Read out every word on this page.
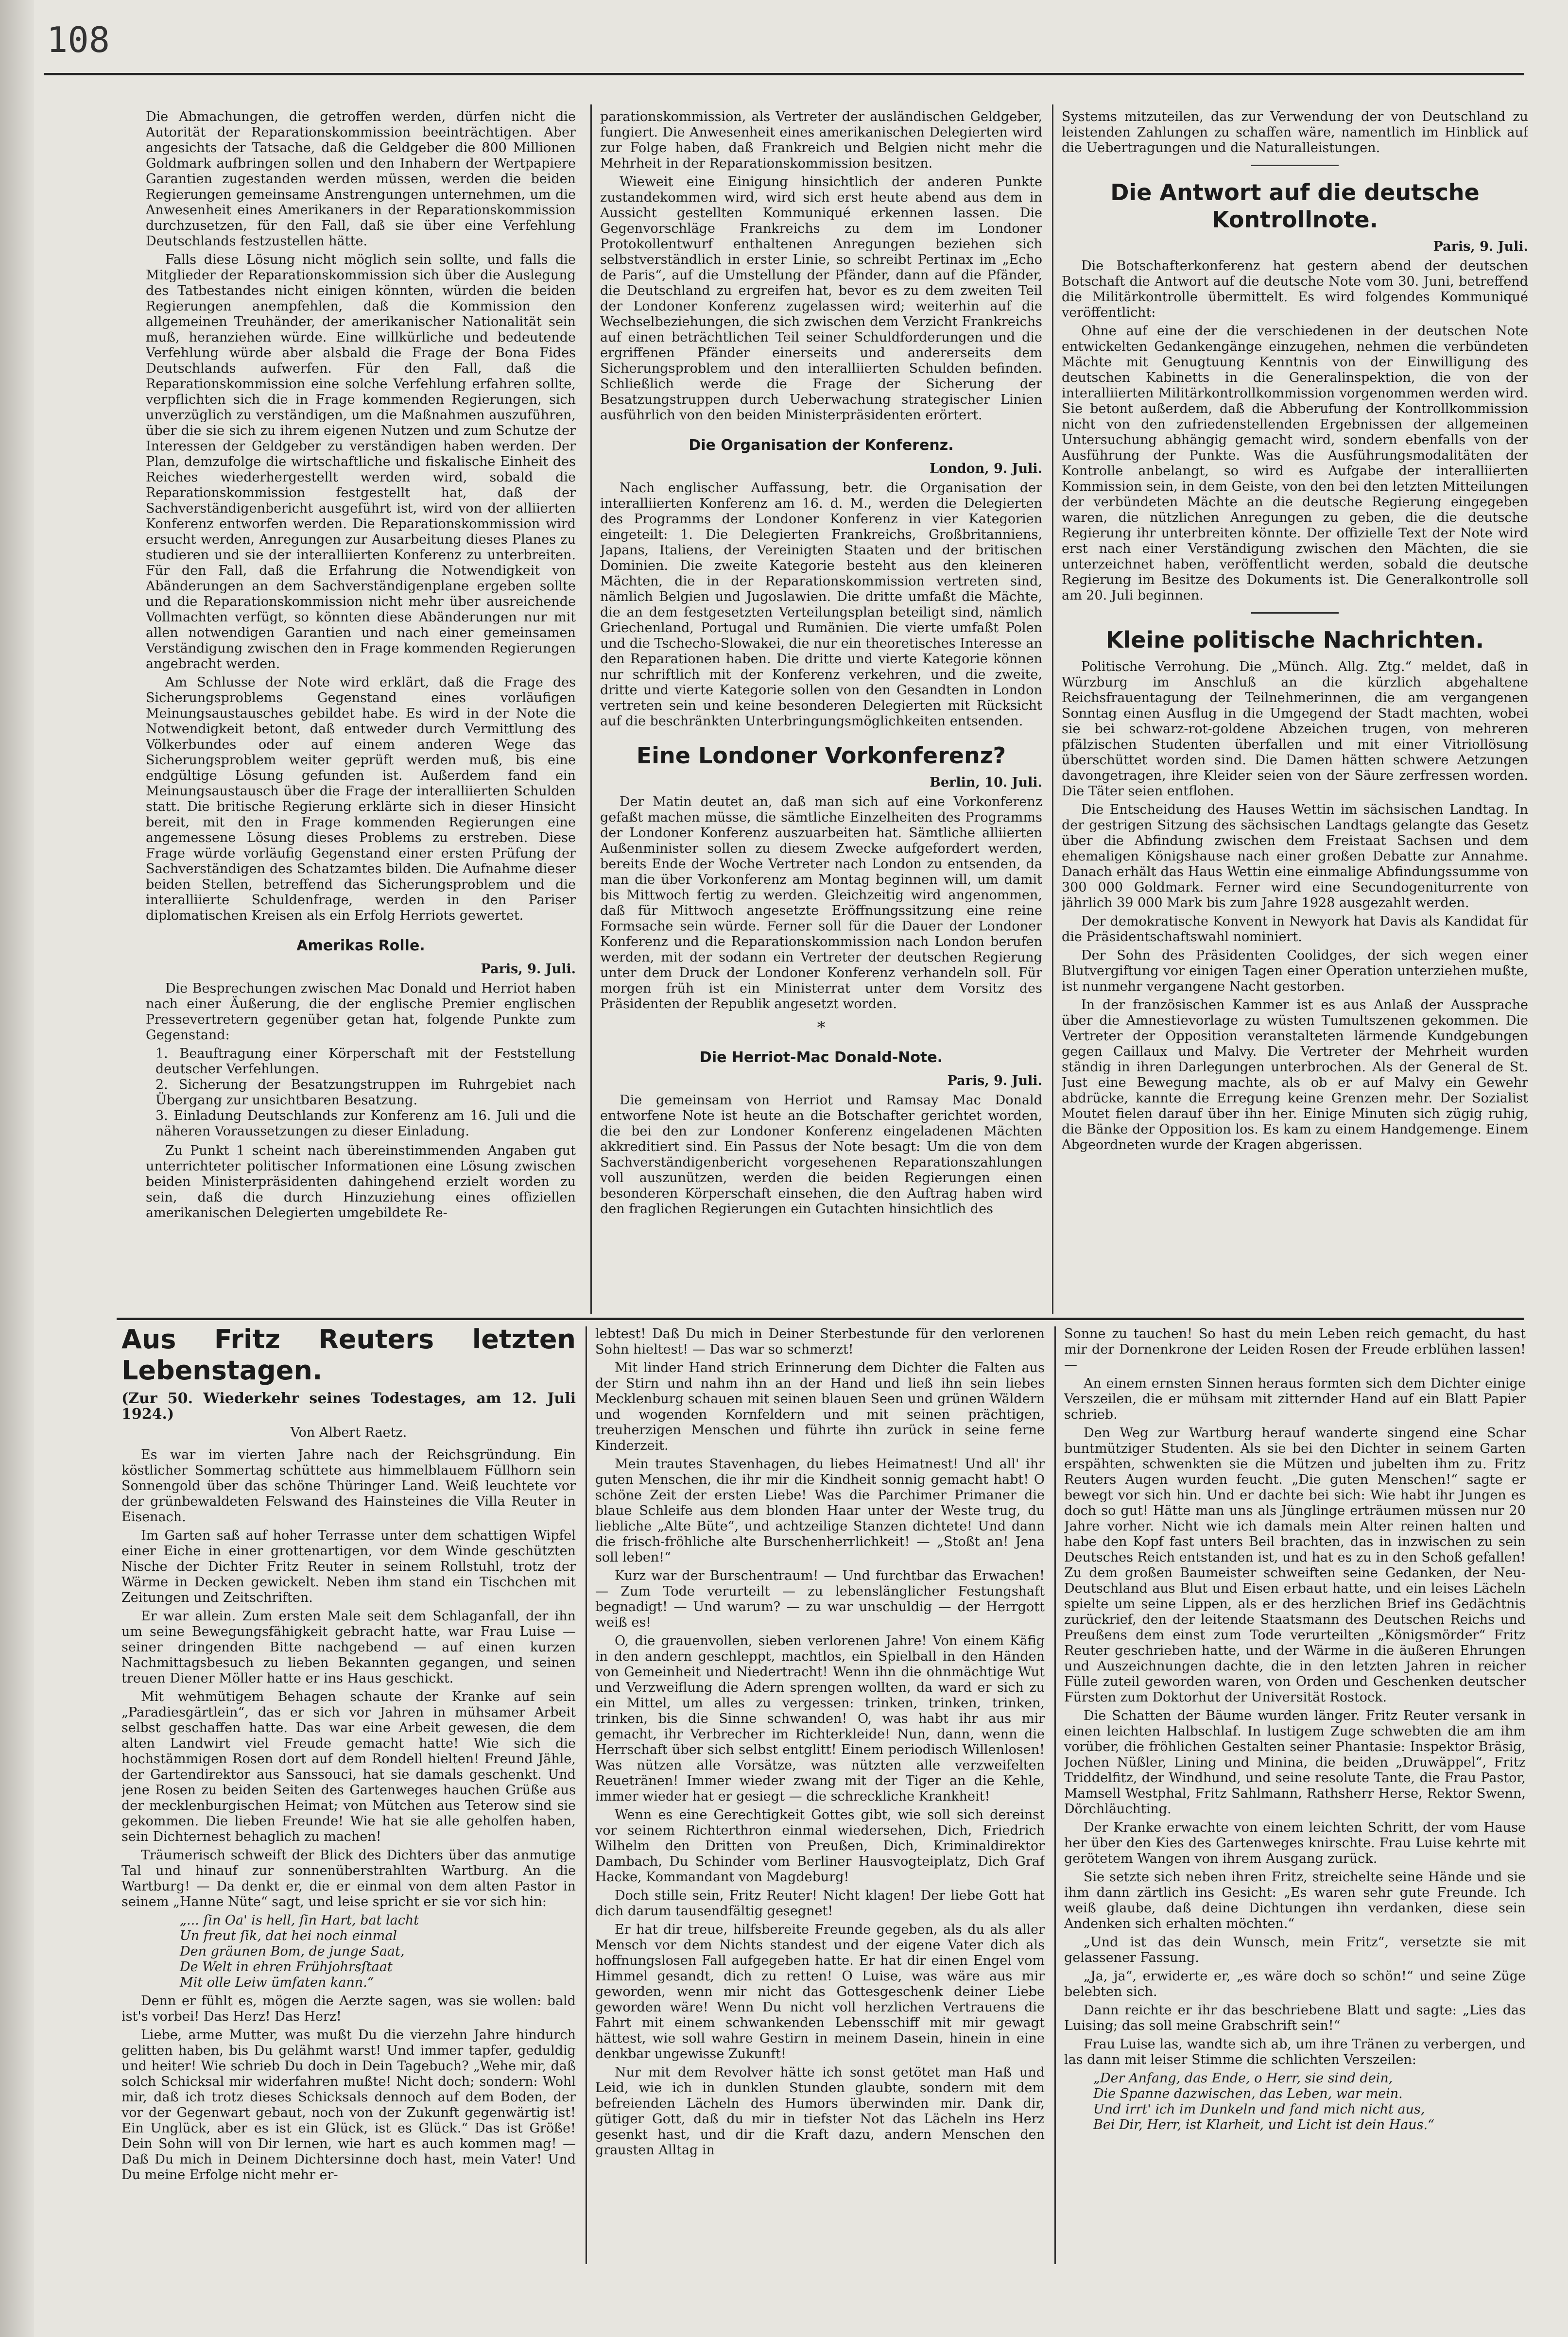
108

Die Abmachungen, die getroffen werden, dürfen nicht die Autorität der Reparationskommission beeinträchtigen. Aber angesichts der Tatsache, daß die Geldgeber die 800 Millionen Goldmark aufbringen sollen und den Inhabern der Wertpapiere Garantien zugestanden werden müssen, werden die beiden Regierungen gemeinsame Anstrengungen unternehmen, um die Anwesenheit eines Amerikaners in der Reparationskommission durchzusetzen, für den Fall, daß sie über eine Verfehlung Deutschlands festzustellen hätte.

Falls diese Lösung nicht möglich sein sollte, und falls die Mitglieder der Reparationskommission sich über die Auslegung des Tatbestandes nicht einigen könnten, würden die beiden Regierungen anempfehlen, daß die Kommission den allgemeinen Treuhänder, der amerikanischer Nationalität sein muß, heranziehen würde. Eine willkürliche und bedeutende Verfehlung würde aber alsbald die Frage der Bona Fides Deutschlands aufwerfen. Für den Fall, daß die Reparationskommission eine solche Verfehlung erfahren sollte, verpflichten sich die in Frage kommenden Regierungen, sich unverzüglich zu verständigen, um die Maßnahmen auszuführen, über die sie sich zu ihrem eigenen Nutzen und zum Schutze der Interessen der Geldgeber zu verständigen haben werden. Der Plan, demzufolge die wirtschaftliche und fiskalische Einheit des Reiches wiederhergestellt werden wird, sobald die Reparationskommission festgestellt hat, daß der Sachverständigenbericht ausgeführt ist, wird von der alliierten Konferenz entworfen werden. Die Reparationskommission wird ersucht werden, Anregungen zur Ausarbeitung dieses Planes zu studieren und sie der interalliierten Konferenz zu unterbreiten. Für den Fall, daß die Erfahrung die Notwendigkeit von Abänderungen an dem Sachverständigenplane ergeben sollte und die Reparationskommission nicht mehr über ausreichende Vollmachten verfügt, so könnten diese Abänderungen nur mit allen notwendigen Garantien und nach einer gemeinsamen Verständigung zwischen den in Frage kommenden Regierungen angebracht werden.

Am Schlusse der Note wird erklärt, daß die Frage des Sicherungsproblems Gegenstand eines vorläufigen Meinungsaustausches gebildet habe. Es wird in der Note die Notwendigkeit betont, daß entweder durch Vermittlung des Völkerbundes oder auf einem anderen Wege das Sicherungsproblem weiter geprüft werden muß, bis eine endgültige Lösung gefunden ist. Außerdem fand ein Meinungsaustausch über die Frage der interalliierten Schulden statt. Die britische Regierung erklärte sich in dieser Hinsicht bereit, mit den in Frage kommenden Regierungen eine angemessene Lösung dieses Problems zu erstreben. Diese Frage würde vorläufig Gegenstand einer ersten Prüfung der Sachverständigen des Schatzamtes bilden. Die Aufnahme dieser beiden Stellen, betreffend das Sicherungsproblem und die interalliierte Schuldenfrage, werden in den Pariser diplomatischen Kreisen als ein Erfolg Herriots gewertet.

Amerikas Rolle.
Paris, 9. Juli.

Die Besprechungen zwischen Mac Donald und Herriot haben nach einer Äußerung, die der englische Premier englischen Pressevertretern gegenüber getan hat, folgende Punkte zum Gegenstand:

1. Beauftragung einer Körperschaft mit der Feststellung deutscher Verfehlungen.
2. Sicherung der Besatzungstruppen im Ruhrgebiet nach Übergang zur unsichtbaren Besatzung.
3. Einladung Deutschlands zur Konferenz am 16. Juli und die näheren Voraussetzungen zu dieser Einladung.

Zu Punkt 1 scheint nach übereinstimmenden Angaben gut unterrichteter politischer Informationen eine Lösung zwischen beiden Ministerpräsidenten dahingehend erzielt worden zu sein, daß die durch Hinzuziehung eines offiziellen amerikanischen Delegierten umgebildete Re-

parationskommission, als Vertreter der ausländischen Geldgeber, fungiert. Die Anwesenheit eines amerikanischen Delegierten wird zur Folge haben, daß Frankreich und Belgien nicht mehr die Mehrheit in der Reparationskommission besitzen.

Wieweit eine Einigung hinsichtlich der anderen Punkte zustandekommen wird, wird sich erst heute abend aus dem in Aussicht gestellten Kommuniqué erkennen lassen. Die Gegenvorschläge Frankreichs zu dem im Londoner Protokollentwurf enthaltenen Anregungen beziehen sich selbstverständlich in erster Linie, so schreibt Pertinax im „Echo de Paris“, auf die Umstellung der Pfänder, dann auf die Pfänder, die Deutschland zu ergreifen hat, bevor es zu dem zweiten Teil der Londoner Konferenz zugelassen wird; weiterhin auf die Wechselbeziehungen, die sich zwischen dem Verzicht Frankreichs auf einen beträchtlichen Teil seiner Schuldforderungen und die ergriffenen Pfänder einerseits und andererseits dem Sicherungsproblem und den interalliierten Schulden befinden. Schließlich werde die Frage der Sicherung der Besatzungstruppen durch Ueberwachung strategischer Linien ausführlich von den beiden Ministerpräsidenten erörtert.

Die Organisation der Konferenz.
London, 9. Juli.

Nach englischer Auffassung, betr. die Organisation der interalliierten Konferenz am 16. d. M., werden die Delegierten des Programms der Londoner Konferenz in vier Kategorien eingeteilt: 1. Die Delegierten Frankreichs, Großbritanniens, Japans, Italiens, der Vereinigten Staaten und der britischen Dominien. Die zweite Kategorie besteht aus den kleineren Mächten, die in der Reparationskommission vertreten sind, nämlich Belgien und Jugoslawien. Die dritte umfaßt die Mächte, die an dem festgesetzten Verteilungsplan beteiligt sind, nämlich Griechenland, Portugal und Rumänien. Die vierte umfaßt Polen und die Tschecho-Slowakei, die nur ein theoretisches Interesse an den Reparationen haben. Die dritte und vierte Kategorie können nur schriftlich mit der Konferenz verkehren, und die zweite, dritte und vierte Kategorie sollen von den Gesandten in London vertreten sein und keine besonderen Delegierten mit Rücksicht auf die beschränkten Unterbringungsmöglichkeiten entsenden.

Eine Londoner Vorkonferenz?
Berlin, 10. Juli.

Der Matin deutet an, daß man sich auf eine Vorkonferenz gefaßt machen müsse, die sämtliche Einzelheiten des Programms der Londoner Konferenz auszuarbeiten hat. Sämtliche alliierten Außenminister sollen zu diesem Zwecke aufgefordert werden, bereits Ende der Woche Vertreter nach London zu entsenden, da man die über Vorkonferenz am Montag beginnen will, um damit bis Mittwoch fertig zu werden. Gleichzeitig wird angenommen, daß für Mittwoch angesetzte Eröffnungssitzung eine reine Formsache sein würde. Ferner soll für die Dauer der Londoner Konferenz und die Reparationskommission nach London berufen werden, mit der sodann ein Vertreter der deutschen Regierung unter dem Druck der Londoner Konferenz verhandeln soll. Für morgen früh ist ein Ministerrat unter dem Vorsitz des Präsidenten der Republik angesetzt worden.

*
Die Herriot-Mac Donald-Note.
Paris, 9. Juli.

Die gemeinsam von Herriot und Ramsay Mac Donald entworfene Note ist heute an die Botschafter gerichtet worden, die bei den zur Londoner Konferenz eingeladenen Mächten akkreditiert sind. Ein Passus der Note besagt: Um die von dem Sachverständigenbericht vorgesehenen Reparationszahlungen voll auszunützen, werden die beiden Regierungen einen besonderen Körperschaft einsehen, die den Auftrag haben wird den fraglichen Regierungen ein Gutachten hinsichtlich des

Systems mitzuteilen, das zur Verwendung der von Deutschland zu leistenden Zahlungen zu schaffen wäre, namentlich im Hinblick auf die Uebertragungen und die Naturalleistungen.

Die Antwort auf die deutsche Kontrollnote.
Paris, 9. Juli.

Die Botschafterkonferenz hat gestern abend der deutschen Botschaft die Antwort auf die deutsche Note vom 30. Juni, betreffend die Militärkontrolle übermittelt. Es wird folgendes Kommuniqué veröffentlicht:

Ohne auf eine der die verschiedenen in der deutschen Note entwickelten Gedankengänge einzugehen, nehmen die verbündeten Mächte mit Genugtuung Kenntnis von der Einwilligung des deutschen Kabinetts in die Generalinspektion, die von der interalliierten Militärkontrollkommission vorgenommen werden wird. Sie betont außerdem, daß die Abberufung der Kontrollkommission nicht von den zufriedenstellenden Ergebnissen der allgemeinen Untersuchung abhängig gemacht wird, sondern ebenfalls von der Ausführung der Punkte. Was die Ausführungsmodalitäten der Kontrolle anbelangt, so wird es Aufgabe der interalliierten Kommission sein, in dem Geiste, von den bei den letzten Mitteilungen der verbündeten Mächte an die deutsche Regierung eingegeben waren, die nützlichen Anregungen zu geben, die die deutsche Regierung ihr unterbreiten könnte. Der offizielle Text der Note wird erst nach einer Verständigung zwischen den Mächten, die sie unterzeichnet haben, veröffentlicht werden, sobald die deutsche Regierung im Besitze des Dokuments ist. Die Generalkontrolle soll am 20. Juli beginnen.

Kleine politische Nachrichten.

Politische Verrohung. Die „Münch. Allg. Ztg.“ meldet, daß in Würzburg im Anschluß an die kürzlich abgehaltene Reichsfrauentagung der Teilnehmerinnen, die am vergangenen Sonntag einen Ausflug in die Umgegend der Stadt machten, wobei sie bei schwarz-rot-goldene Abzeichen trugen, von mehreren pfälzischen Studenten überfallen und mit einer Vitriollösung überschüttet worden sind. Die Damen hätten schwere Aetzungen davongetragen, ihre Kleider seien von der Säure zerfressen worden. Die Täter seien entflohen.

Die Entscheidung des Hauses Wettin im sächsischen Landtag. In der gestrigen Sitzung des sächsischen Landtags gelangte das Gesetz über die Abfindung zwischen dem Freistaat Sachsen und dem ehemaligen Königshause nach einer großen Debatte zur Annahme. Danach erhält das Haus Wettin eine einmalige Abfindungssumme von 300 000 Goldmark. Ferner wird eine Secundogeniturrente von jährlich 39 000 Mark bis zum Jahre 1928 ausgezahlt werden.

Der demokratische Konvent in Newyork hat Davis als Kandidat für die Präsidentschaftswahl nominiert.

Der Sohn des Präsidenten Coolidges, der sich wegen einer Blutvergiftung vor einigen Tagen einer Operation unterziehen mußte, ist nunmehr vergangene Nacht gestorben.

In der französischen Kammer ist es aus Anlaß der Aussprache über die Amnestievorlage zu wüsten Tumultszenen gekommen. Die Vertreter der Opposition veranstalteten lärmende Kundgebungen gegen Caillaux und Malvy. Die Vertreter der Mehrheit wurden ständig in ihren Darlegungen unterbrochen. Als der General de St. Just eine Bewegung machte, als ob er auf Malvy ein Gewehr abdrücke, kannte die Erregung keine Grenzen mehr. Der Sozialist Moutet fielen darauf über ihn her. Einige Minuten sich zügig ruhig, die Bänke der Opposition los. Es kam zu einem Handgemenge. Einem Abgeordneten wurde der Kragen abgerissen.

Aus Fritz Reuters letzten Lebenstagen.
(Zur 50. Wiederkehr seines Todestages, am 12. Juli 1924.)
Von Albert Raetz.

Es war im vierten Jahre nach der Reichsgründung. Ein köstlicher Sommertag schüttete aus himmelblauem Füllhorn sein Sonnengold über das schöne Thüringer Land. Weiß leuchtete vor der grünbewaldeten Felswand des Hainsteines die Villa Reuter in Eisenach.

Im Garten saß auf hoher Terrasse unter dem schattigen Wipfel einer Eiche in einer grottenartigen, vor dem Winde geschützten Nische der Dichter Fritz Reuter in seinem Rollstuhl, trotz der Wärme in Decken gewickelt. Neben ihm stand ein Tischchen mit Zeitungen und Zeitschriften.

Er war allein. Zum ersten Male seit dem Schlaganfall, der ihn um seine Bewegungsfähigkeit gebracht hatte, war Frau Luise — seiner dringenden Bitte nachgebend — auf einen kurzen Nachmittagsbesuch zu lieben Bekannten gegangen, und seinen treuen Diener Möller hatte er ins Haus geschickt.

Mit wehmütigem Behagen schaute der Kranke auf sein „Paradiesgärtlein“, das er sich vor Jahren in mühsamer Arbeit selbst geschaffen hatte. Das war eine Arbeit gewesen, die dem alten Landwirt viel Freude gemacht hatte! Wie sich die hochstämmigen Rosen dort auf dem Rondell hielten! Freund Jähle, der Gartendirektor aus Sanssouci, hat sie damals geschenkt. Und jene Rosen zu beiden Seiten des Gartenweges hauchen Grüße aus der mecklenburgischen Heimat; von Mütchen aus Teterow sind sie gekommen. Die lieben Freunde! Wie hat sie alle geholfen haben, sein Dichternest behaglich zu machen!

Träumerisch schweift der Blick des Dichters über das anmutige Tal und hinauf zur sonnenüberstrahlten Wartburg. An die Wartburg! — Da denkt er, die er einmal von dem alten Pastor in seinem „Hanne Nüte“ sagt, und leise spricht er sie vor sich hin:

„... ſin Oa' is hell, ſin Hart, bat lacht
Un freut ſik, dat hei noch einmal
Den gräunen Bom, de junge Saat,
De Welt in ehren Frühjohrsſtaat
Mit olle Leiw ümfaten kann.“

Denn er fühlt es, mögen die Aerzte sagen, was sie wollen: bald ist's vorbei! Das Herz! Das Herz!

Liebe, arme Mutter, was mußt Du die vierzehn Jahre hindurch gelitten haben, bis Du gelähmt warst! Und immer tapfer, geduldig und heiter! Wie schrieb Du doch in Dein Tagebuch? „Wehe mir, daß solch Schicksal mir widerfahren mußte! Nicht doch; sondern: Wohl mir, daß ich trotz dieses Schicksals dennoch auf dem Boden, der vor der Gegenwart gebaut, noch von der Zukunft gegenwärtig ist! Ein Unglück, aber es ist ein Glück, ist es Glück.“ Das ist Größe! Dein Sohn will von Dir lernen, wie hart es auch kommen mag! — Daß Du mich in Deinem Dichtersinne doch hast, mein Vater! Und Du meine Erfolge nicht mehr er-

lebtest! Daß Du mich in Deiner Sterbestunde für den verlorenen Sohn hieltest! — Das war so schmerzt!

Mit linder Hand strich Erinnerung dem Dichter die Falten aus der Stirn und nahm ihn an der Hand und ließ ihn sein liebes Mecklenburg schauen mit seinen blauen Seen und grünen Wäldern und wogenden Kornfeldern und mit seinen prächtigen, treuherzigen Menschen und führte ihn zurück in seine ferne Kinderzeit.

Mein trautes Stavenhagen, du liebes Heimatnest! Und all' ihr guten Menschen, die ihr mir die Kindheit sonnig gemacht habt! O schöne Zeit der ersten Liebe! Was die Parchimer Primaner die blaue Schleife aus dem blonden Haar unter der Weste trug, du liebliche „Alte Büte“, und achtzeilige Stanzen dichtete! Und dann die frisch-fröhliche alte Burschenherrlichkeit! — „Stoßt an! Jena soll leben!“

Kurz war der Burschentraum! — Und furchtbar das Erwachen! — Zum Tode verurteilt — zu lebenslänglicher Festungshaft begnadigt! — Und warum? — zu war unschuldig — der Herrgott weiß es!

O, die grauenvollen, sieben verlorenen Jahre! Von einem Käfig in den andern geschleppt, machtlos, ein Spielball in den Händen von Gemeinheit und Niedertracht! Wenn ihn die ohnmächtige Wut und Verzweiflung die Adern sprengen wollten, da ward er sich zu ein Mittel, um alles zu vergessen: trinken, trinken, trinken, trinken, bis die Sinne schwanden! O, was habt ihr aus mir gemacht, ihr Verbrecher im Richterkleide! Nun, dann, wenn die Herrschaft über sich selbst entglitt! Einem periodisch Willenlosen! Was nützen alle Vorsätze, was nützten alle verzweifelten Reuetränen! Immer wieder zwang mit der Tiger an die Kehle, immer wieder hat er gesiegt — die schreckliche Krankheit!

Wenn es eine Gerechtigkeit Gottes gibt, wie soll sich dereinst vor seinem Richterthron einmal wiedersehen, Dich, Friedrich Wilhelm den Dritten von Preußen, Dich, Kriminaldirektor Dambach, Du Schinder vom Berliner Hausvogteiplatz, Dich Graf Hacke, Kommandant von Magdeburg!

Doch stille sein, Fritz Reuter! Nicht klagen! Der liebe Gott hat dich darum tausendfältig gesegnet!

Er hat dir treue, hilfsbereite Freunde gegeben, als du als aller Mensch vor dem Nichts standest und der eigene Vater dich als hoffnungslosen Fall aufgegeben hatte. Er hat dir einen Engel vom Himmel gesandt, dich zu retten! O Luise, was wäre aus mir geworden, wenn mir nicht das Gottesgeschenk deiner Liebe geworden wäre! Wenn Du nicht voll herzlichen Vertrauens die Fahrt mit einem schwankenden Lebensschiff mit mir gewagt hättest, wie soll wahre Gestirn in meinem Dasein, hinein in eine denkbar ungewisse Zukunft!

Nur mit dem Revolver hätte ich sonst getötet man Haß und Leid, wie ich in dunklen Stunden glaubte, sondern mit dem befreienden Lächeln des Humors überwinden mir. Dank dir, gütiger Gott, daß du mir in tiefster Not das Lächeln ins Herz gesenkt hast, und dir die Kraft dazu, andern Menschen den grausten Alltag in

Sonne zu tauchen! So hast du mein Leben reich gemacht, du hast mir der Dornenkrone der Leiden Rosen der Freude erblühen lassen! —

An einem ernsten Sinnen heraus formten sich dem Dichter einige Verszeilen, die er mühsam mit zitternder Hand auf ein Blatt Papier schrieb.

Den Weg zur Wartburg herauf wanderte singend eine Schar buntmütziger Studenten. Als sie bei den Dichter in seinem Garten erspähten, schwenkten sie die Mützen und jubelten ihm zu. Fritz Reuters Augen wurden feucht. „Die guten Menschen!“ sagte er bewegt vor sich hin. Und er dachte bei sich: Wie habt ihr Jungen es doch so gut! Hätte man uns als Jünglinge erträumen müssen nur 20 Jahre vorher. Nicht wie ich damals mein Alter reinen halten und habe den Kopf fast unters Beil brachten, das in inzwischen zu sein Deutsches Reich entstanden ist, und hat es zu in den Schoß gefallen! Zu dem großen Baumeister schweiften seine Gedanken, der Neu-Deutschland aus Blut und Eisen erbaut hatte, und ein leises Lächeln spielte um seine Lippen, als er des herzlichen Brief ins Gedächtnis zurückrief, den der leitende Staatsmann des Deutschen Reichs und Preußens dem einst zum Tode verurteilten „Königsmörder“ Fritz Reuter geschrieben hatte, und der Wärme in die äußeren Ehrungen und Auszeichnungen dachte, die in den letzten Jahren in reicher Fülle zuteil geworden waren, von Orden und Geschenken deutscher Fürsten zum Doktorhut der Universität Rostock.

Die Schatten der Bäume wurden länger. Fritz Reuter versank in einen leichten Halbschlaf. In lustigem Zuge schwebten die am ihm vorüber, die fröhlichen Gestalten seiner Phantasie: Inspektor Bräsig, Jochen Nüßler, Lining und Minina, die beiden „Druwäppel“, Fritz Triddelfitz, der Windhund, und seine resolute Tante, die Frau Pastor, Mamsell Westphal, Fritz Sahlmann, Rathsherr Herse, Rektor Swenn, Dörchläuchting.

Der Kranke erwachte von einem leichten Schritt, der vom Hause her über den Kies des Gartenweges knirschte. Frau Luise kehrte mit gerötetem Wangen von ihrem Ausgang zurück.

Sie setzte sich neben ihren Fritz, streichelte seine Hände und sie ihm dann zärtlich ins Gesicht: „Es waren sehr gute Freunde. Ich weiß glaube, daß deine Dichtungen ihn verdanken, diese sein Andenken sich erhalten möchten.“

„Und ist das dein Wunsch, mein Fritz“, versetzte sie mit gelassener Fassung.

„Ja, ja“, erwiderte er, „es wäre doch so schön!“ und seine Züge belebten sich.

Dann reichte er ihr das beschriebene Blatt und sagte: „Lies das Luising; das soll meine Grabschrift sein!“

Frau Luise las, wandte sich ab, um ihre Tränen zu verbergen, und las dann mit leiser Stimme die schlichten Verszeilen:

„Der Anfang, das Ende, o Herr, sie sind dein,
Die Spanne dazwischen, das Leben, war mein.
Und irrt' ich im Dunkeln und fand mich nicht aus,
Bei Dir, Herr, ist Klarheit, und Licht ist dein Haus.“
